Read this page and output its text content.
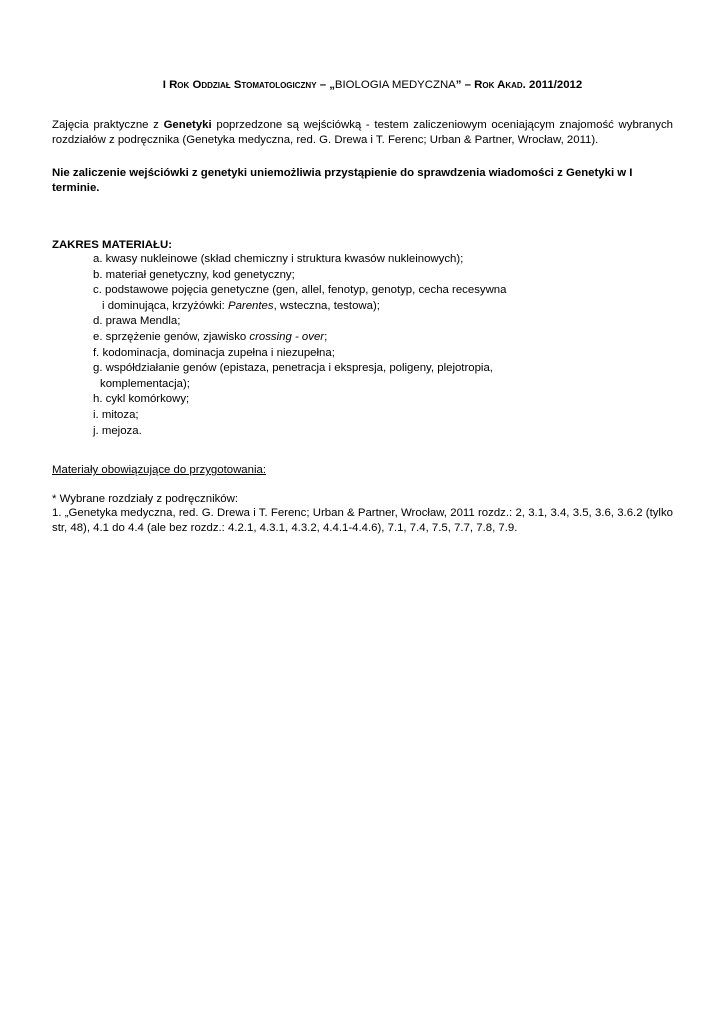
I Rok Oddział Stomatologiczny – „BIOLOGIA MEDYCZNA” – Rok Akad. 2011/2012

Zajęcia praktyczne z Genetyki poprzedzone są wejściówką - testem zaliczeniowym oceniającym znajomość wybranych rozdziałów z podręcznika (Genetyka medyczna, red. G. Drewa i T. Ferenc; Urban & Partner, Wrocław, 2011).
Nie zaliczenie wejściówki z genetyki uniemożliwia przystąpienie do sprawdzenia wiadomości z Genetyki w I terminie.
ZAKRES MATERIAŁU:
a. kwasy nukleinowe (skład chemiczny i struktura kwasów nukleinowych);
b. materiał genetyczny, kod genetyczny;
c. podstawowe pojęcia genetyczne (gen, allel, fenotyp, genotyp, cecha recesywna
i dominująca, krzyżówki: Parentes, wsteczna, testowa);
d. prawa Mendla;
e. sprzężenie genów, zjawisko crossing - over;
f. kodominacja, dominacja zupełna i niezupełna;
g. współdziałanie genów (epistaza, penetracja i ekspresja, poligeny, plejotropia,
komplementacja);
h. cykl komórkowy;
i. mitoza;
j. mejoza.
Materiały obowiązujące do przygotowania:
* Wybrane rozdziały z podręczników:
1. „Genetyka medyczna, red. G. Drewa i T. Ferenc; Urban & Partner, Wrocław, 2011 rozdz.: 2, 3.1, 3.4, 3.5, 3.6, 3.6.2 (tylko str, 48), 4.1 do 4.4 (ale bez rozdz.: 4.2.1, 4.3.1, 4.3.2, 4.4.1-4.4.6), 7.1, 7.4, 7.5, 7.7, 7.8, 7.9.
